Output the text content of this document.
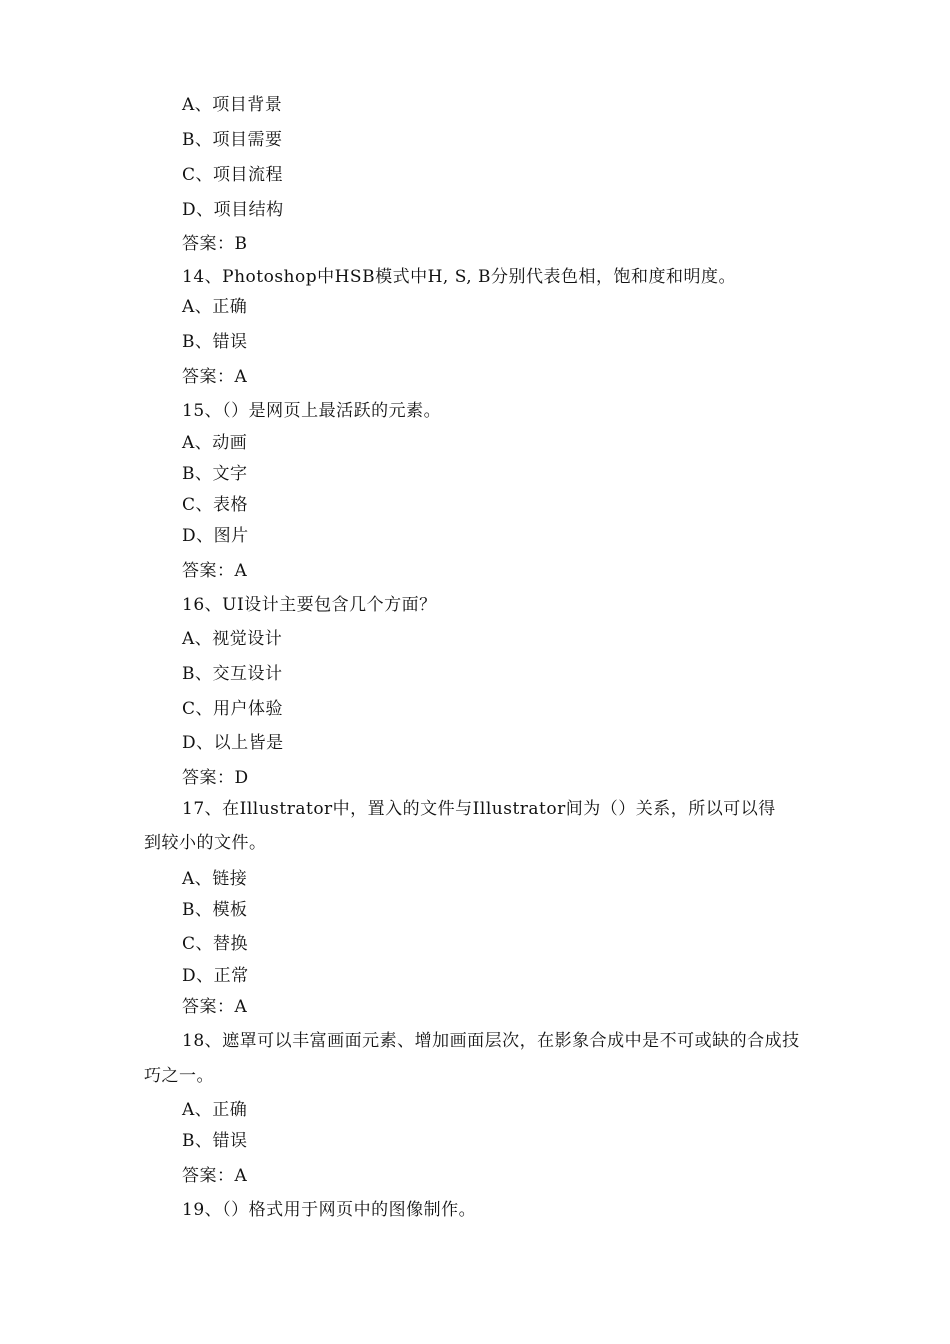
A、项目背景
B、项目需要
C、项目流程
D、项目结构
答案：B
14、Photoshop中HSB模式中H, S, B分别代表色相，饱和度和明度。
A、正确
B、错误
答案：A
15、（）是网页上最活跃的元素。
A、动画
B、文字
C、表格
D、图片
答案：A
16、UI设计主要包含几个方面？
A、视觉设计
B、交互设计
C、用户体验
D、以上皆是
答案：D
17、在Illustrator中，置入的文件与Illustrator间为（）关系，所以可以得
到较小的文件。
A、链接
B、模板
C、替换
D、正常
答案：A
18、遮罩可以丰富画面元素、增加画面层次，在影象合成中是不可或缺的合成技
巧之一。
A、正确
B、错误
答案：A
19、（）格式用于网页中的图像制作。
